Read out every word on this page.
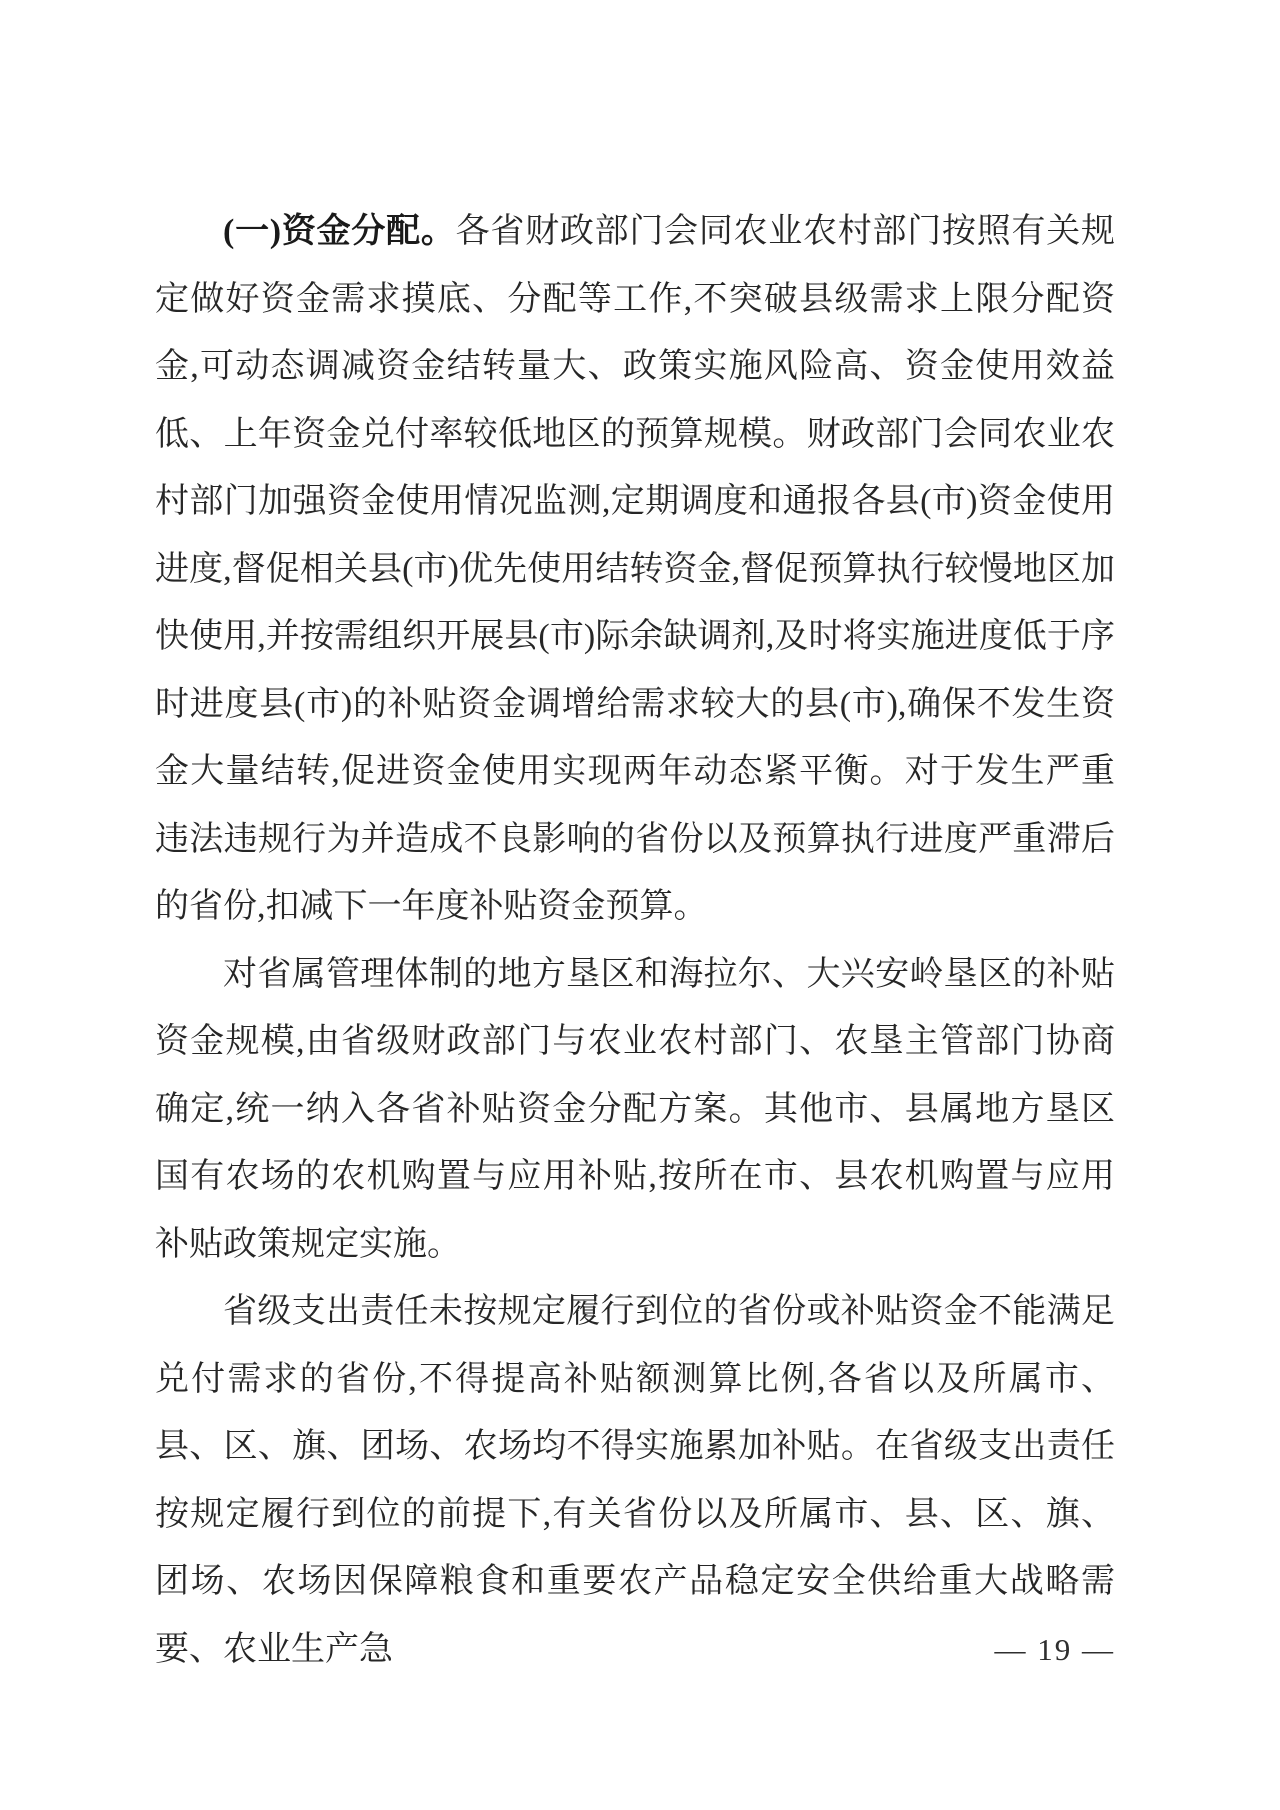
(一)资金分配。各省财政部门会同农业农村部门按照有关规定做好资金需求摸底、分配等工作,不突破县级需求上限分配资金,可动态调减资金结转量大、政策实施风险高、资金使用效益低、上年资金兑付率较低地区的预算规模。财政部门会同农业农村部门加强资金使用情况监测,定期调度和通报各县(市)资金使用进度,督促相关县(市)优先使用结转资金,督促预算执行较慢地区加快使用,并按需组织开展县(市)际余缺调剂,及时将实施进度低于序时进度县(市)的补贴资金调增给需求较大的县(市),确保不发生资金大量结转,促进资金使用实现两年动态紧平衡。对于发生严重违法违规行为并造成不良影响的省份以及预算执行进度严重滞后的省份,扣减下一年度补贴资金预算。

对省属管理体制的地方垦区和海拉尔、大兴安岭垦区的补贴资金规模,由省级财政部门与农业农村部门、农垦主管部门协商确定,统一纳入各省补贴资金分配方案。其他市、县属地方垦区国有农场的农机购置与应用补贴,按所在市、县农机购置与应用补贴政策规定实施。

省级支出责任未按规定履行到位的省份或补贴资金不能满足兑付需求的省份,不得提高补贴额测算比例,各省以及所属市、县、区、旗、团场、农场均不得实施累加补贴。在省级支出责任按规定履行到位的前提下,有关省份以及所属市、县、区、旗、团场、农场因保障粮食和重要农产品稳定安全供给重大战略需要、农业生产急	— 19 —
